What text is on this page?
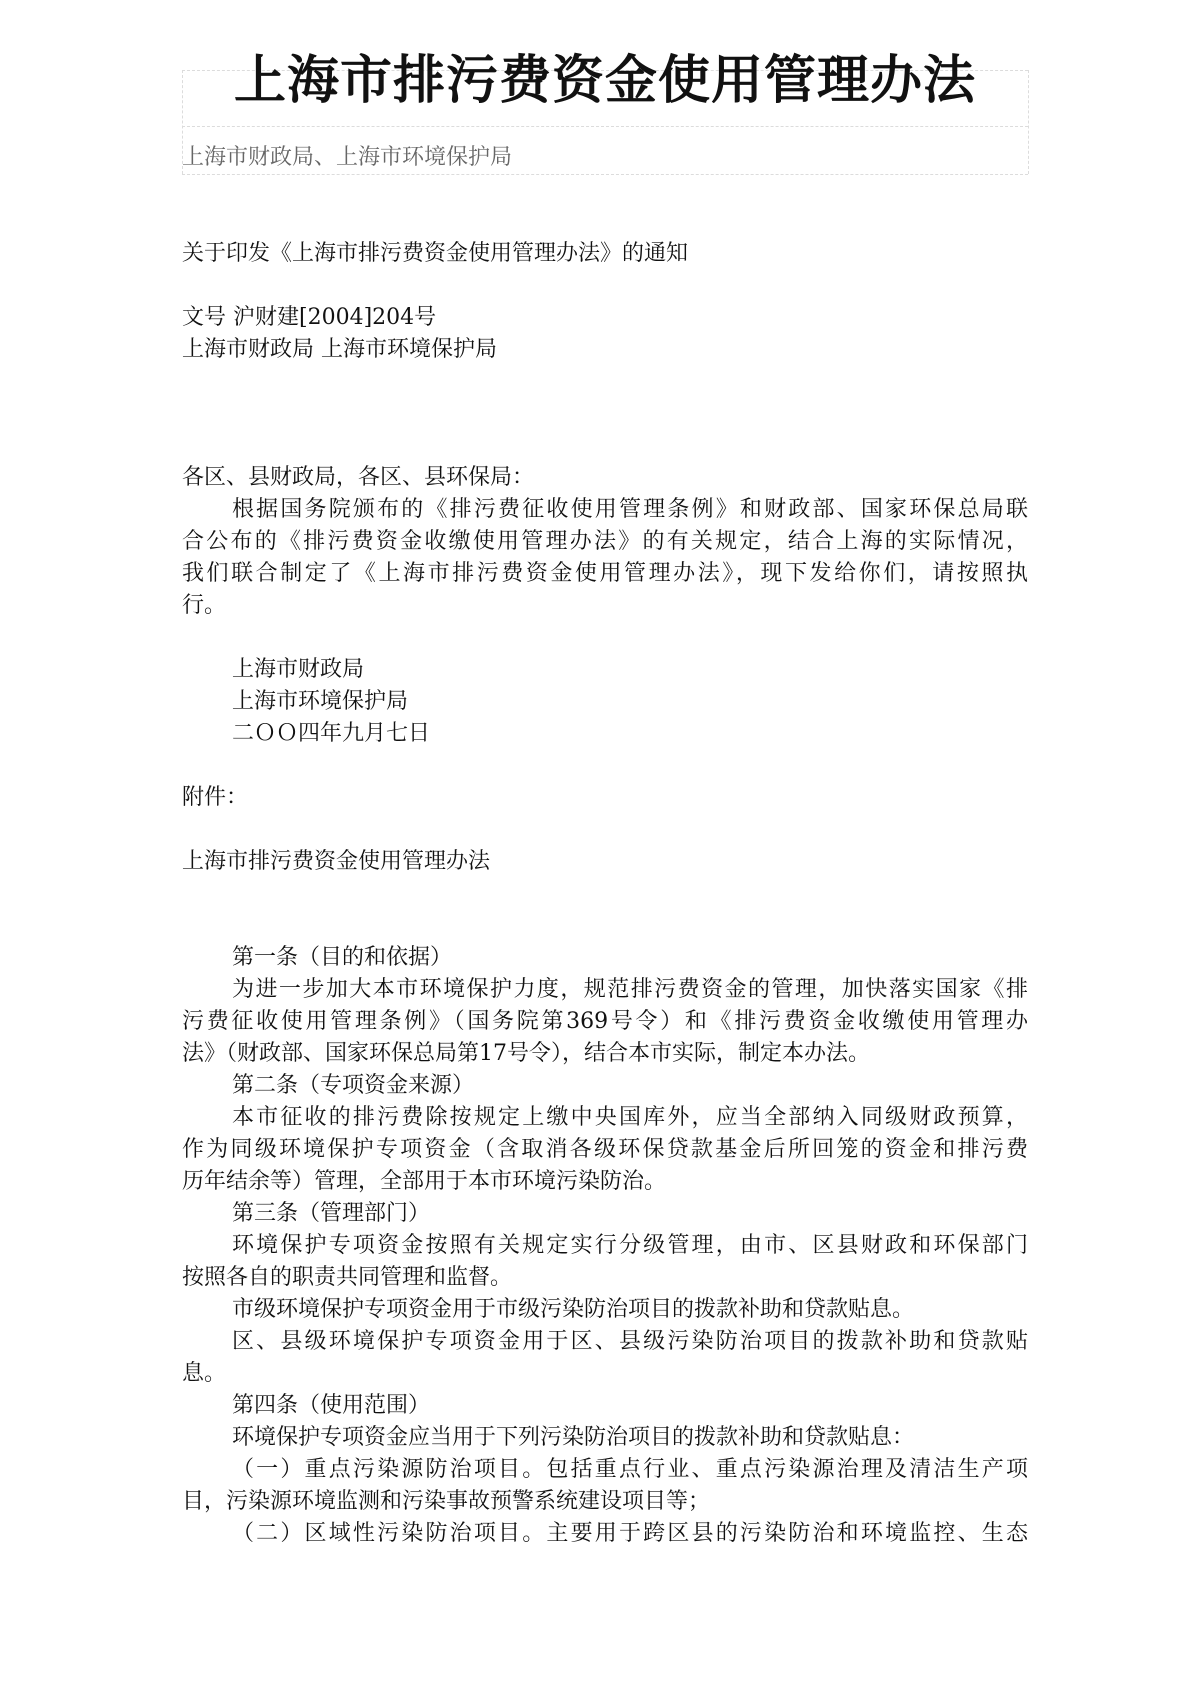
上海市排污费资金使用管理办法
上海市财政局、上海市环境保护局
关于印发《上海市排污费资金使用管理办法》的通知
文号 沪财建[2004]204号
上海市财政局 上海市环境保护局
各区、县财政局，各区、县环保局：
根据国务院颁布的《排污费征收使用管理条例》和财政部、国家环保总局联
合公布的《排污费资金收缴使用管理办法》的有关规定，结合上海的实际情况，
我们联合制定了《上海市排污费资金使用管理办法》，现下发给你们，请按照执
行。
上海市财政局
上海市环境保护局
二ＯＯ四年九月七日
附件：
上海市排污费资金使用管理办法
第一条（目的和依据）
为进一步加大本市环境保护力度，规范排污费资金的管理，加快落实国家《排
污费征收使用管理条例》（国务院第369号令）和《排污费资金收缴使用管理办
法》（财政部、国家环保总局第17号令），结合本市实际，制定本办法。
第二条（专项资金来源）
本市征收的排污费除按规定上缴中央国库外，应当全部纳入同级财政预算，
作为同级环境保护专项资金（含取消各级环保贷款基金后所回笼的资金和排污费
历年结余等）管理，全部用于本市环境污染防治。
第三条（管理部门）
环境保护专项资金按照有关规定实行分级管理，由市、区县财政和环保部门
按照各自的职责共同管理和监督。
市级环境保护专项资金用于市级污染防治项目的拨款补助和贷款贴息。
区、县级环境保护专项资金用于区、县级污染防治项目的拨款补助和贷款贴
息。
第四条（使用范围）
环境保护专项资金应当用于下列污染防治项目的拨款补助和贷款贴息：
（一）重点污染源防治项目。包括重点行业、重点污染源治理及清洁生产项
目，污染源环境监测和污染事故预警系统建设项目等；
（二）区域性污染防治项目。主要用于跨区县的污染防治和环境监控、生态
